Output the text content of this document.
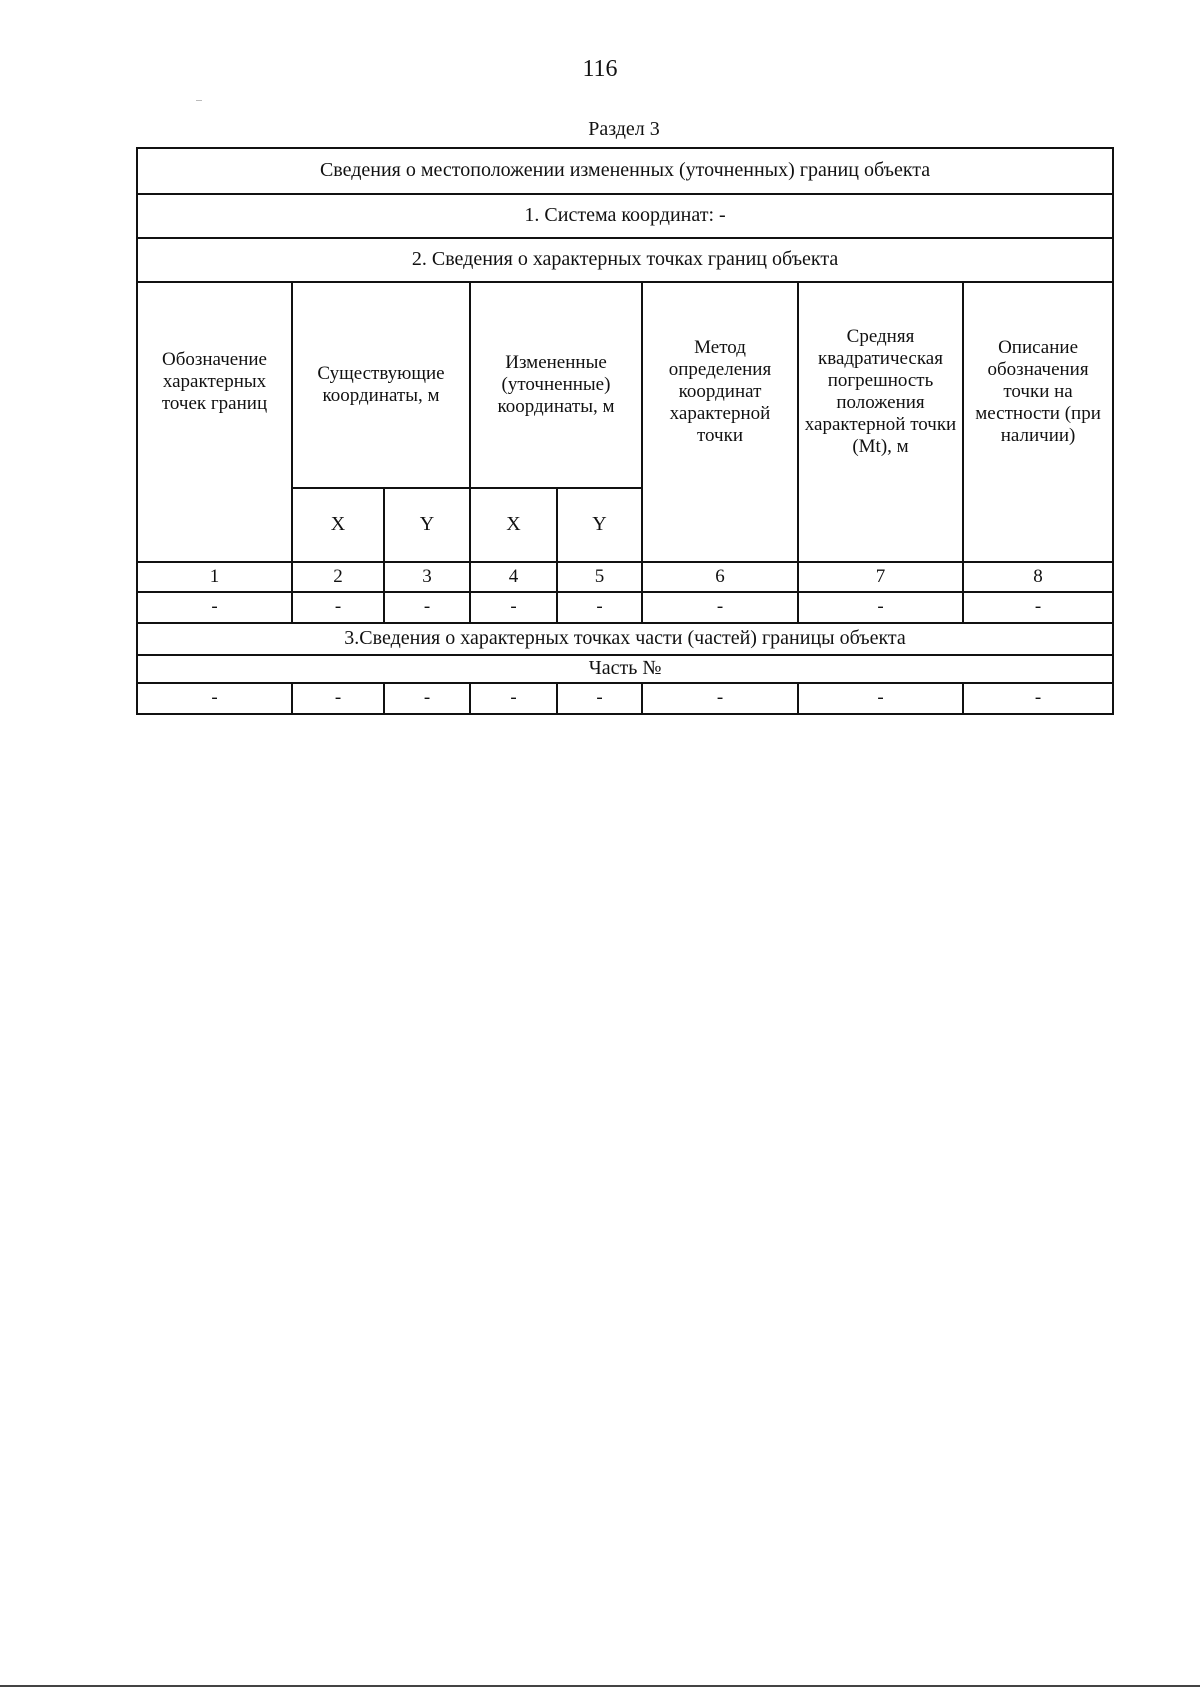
116
Раздел 3
Сведения о местоположении измененных (уточненных) границ объекта							
1. Система координат: -							
2. Сведения о характерных точках границ объекта							
Обозначение характерных точек границ	Существующие координаты, м		Измененные (уточненные) координаты, м		Метод определения координат характерной точки	Средняя квадратическая погрешность положения характерной точки (Mt), м	Описание обозначения точки на местности (при наличии)
	X	Y	X	Y			
1	2	3	4	5	6	7	8
-	-	-	-	-	-	-	-
3.Сведения о характерных точках части (частей) границы объекта							
Часть №							
-	-	-	-	-	-	-	-
